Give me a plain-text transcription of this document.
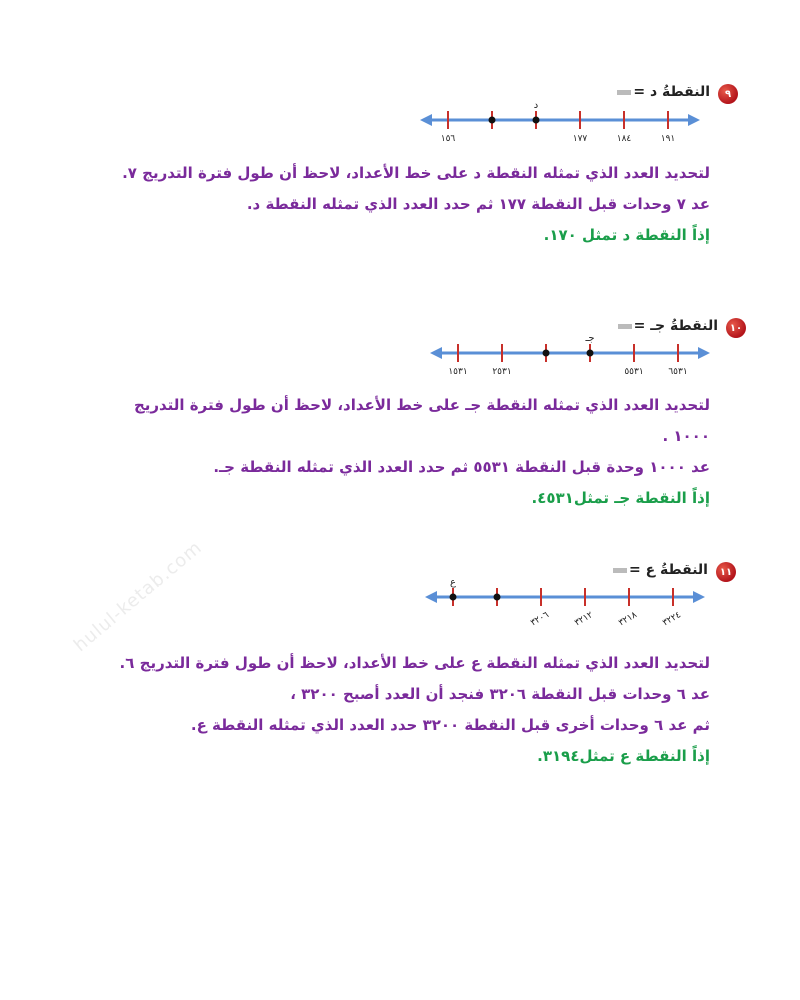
hulul-ketab.com
٩
النقطةُ د =
د
١٥٦	١٧٧	١٨٤	١٩١
لتحديد العدد الذي تمثله النقطة د على خط الأعداد، لاحظ أن طول فترة التدريج ٧.
عد ٧ وحدات قبل النقطة ١٧٧ ثم حدد العدد الذي تمثله النقطة د.
إذاً النقطة د تمثل ١٧٠.
١٠
النقطةُ جـ =
جـ
١٥٣١	٢٥٣١	٥٥٣١	٦٥٣١
لتحديد العدد الذي تمثله النقطة جـ على خط الأعداد، لاحظ أن طول فترة التدريج ١٠٠٠ .
عد ١٠٠٠ وحدة قبل النقطة ٥٥٣١ ثم حدد العدد الذي تمثله النقطة جـ.
إذاً النقطة جـ تمثل٤٥٣١.
١١
النقطةُ ع =
ع
٣٢٠٦ ٣٢١٢ ٣٢١٨ ٣٢٢٤
لتحديد العدد الذي تمثله النقطة ع على خط الأعداد، لاحظ أن طول فترة التدريج ٦.
عد ٦ وحدات قبل النقطة ٣٢٠٦ فنجد أن العدد أصبح ٣٢٠٠ ،
ثم عد ٦ وحدات أخرى قبل النقطة ٣٢٠٠ حدد العدد الذي تمثله النقطة ع.
إذاً النقطة ع تمثل٣١٩٤.
